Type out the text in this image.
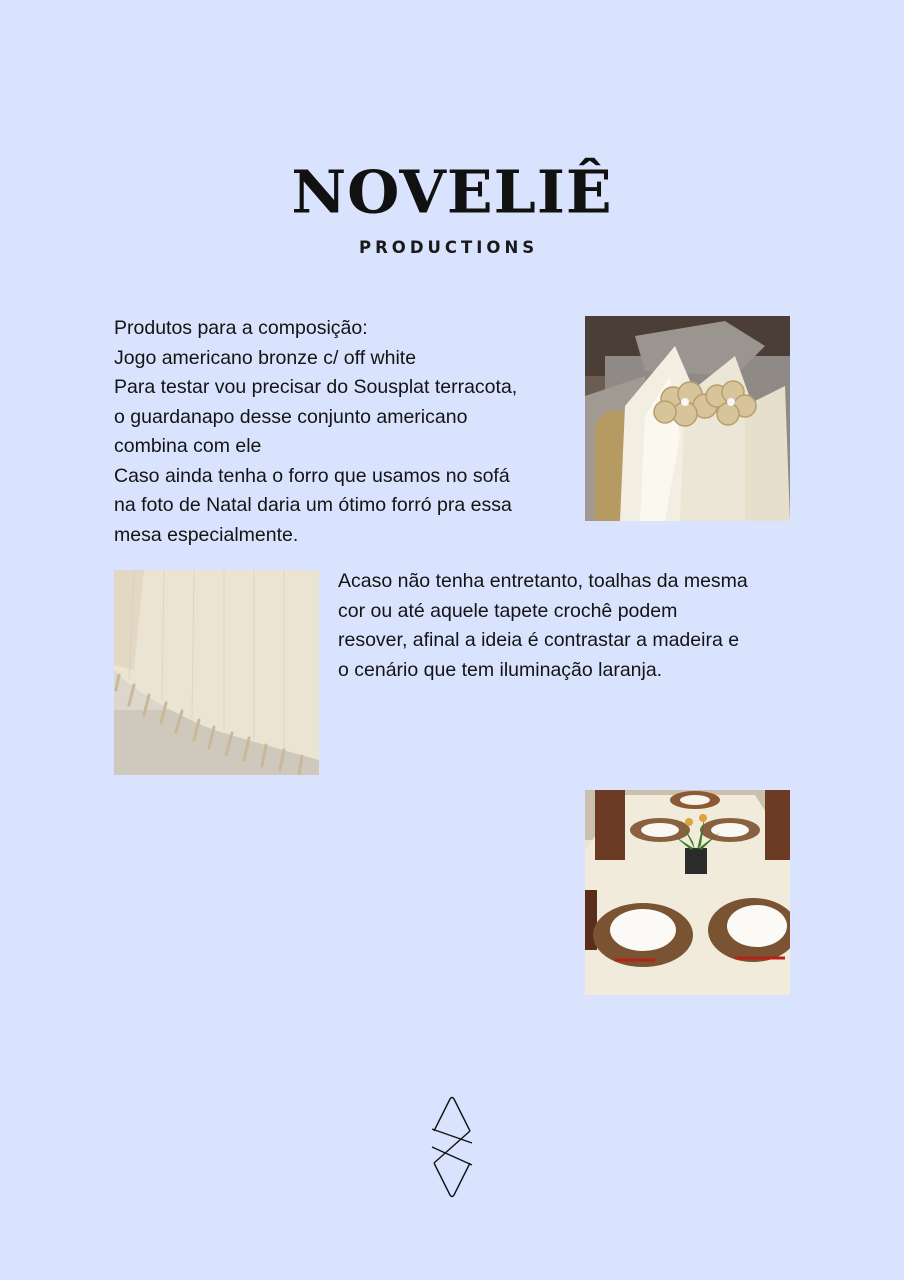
NOVELIÊ
PRODUCTIONS

Produtos para a composição:
Jogo americano bronze c/ off white
Para testar vou precisar do Sousplat terracota,
o guardanapo desse conjunto americano
combina com ele
Caso ainda tenha o forro que usamos no sofá
na foto de Natal daria um ótimo forró pra essa
mesa especialmente.

Acaso não tenha entretanto, toalhas da mesma
cor ou até aquele tapete crochê podem
resover, afinal a ideia é contrastar a madeira e
o cenário que tem iluminação laranja.
